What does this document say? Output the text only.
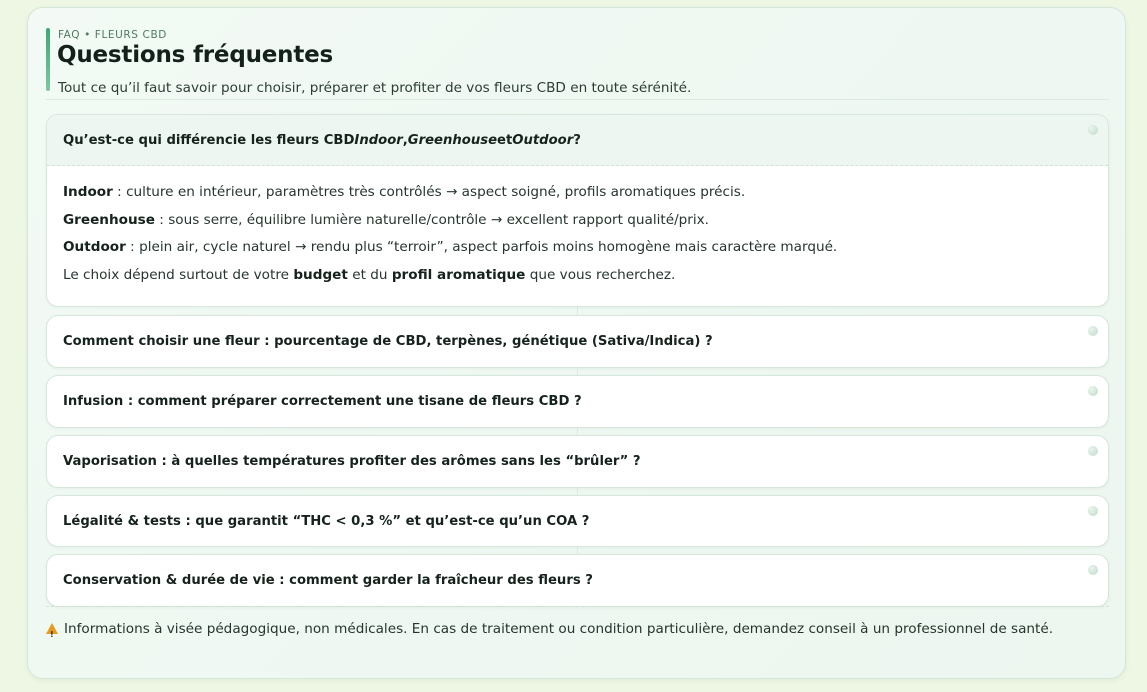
FAQ • FLEURS CBD
Questions fréquentes
Tout ce qu’il faut savoir pour choisir, préparer et profiter de vos fleurs CBD en toute sérénité.
Qu’est-ce qui différencie les fleurs CBD Indoor , Greenhouse et Outdoor ?

Indoor : culture en intérieur, paramètres très contrôlés → aspect soigné, profils aromatiques précis.

Greenhouse : sous serre, équilibre lumière naturelle/contrôle → excellent rapport qualité/prix.

Outdoor : plein air, cycle naturel → rendu plus “terroir”, aspect parfois moins homogène mais caractère marqué.

Le choix dépend surtout de votre budget et du profil aromatique que vous recherchez.

Comment choisir une fleur : pourcentage de CBD, terpènes, génétique (Sativa/Indica) ?
Infusion : comment préparer correctement une tisane de fleurs CBD ?
Vaporisation : à quelles températures profiter des arômes sans les “brûler” ?
Légalité & tests : que garantit “THC < 0,3 %” et qu’est-ce qu’un COA ?
Conservation & durée de vie : comment garder la fraîcheur des fleurs ?
!Informations à visée pédagogique, non médicales. En cas de traitement ou condition particulière, demandez conseil à un professionnel de santé.
